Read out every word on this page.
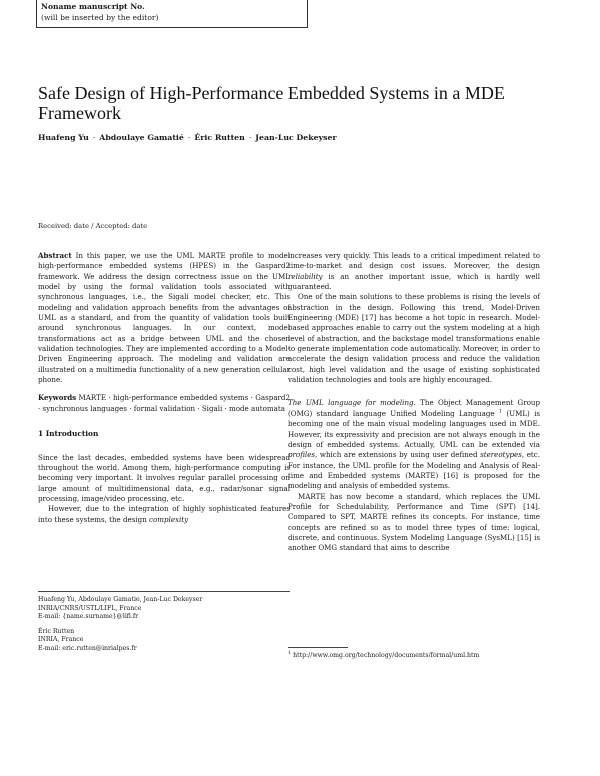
Noname manuscript No.
(will be inserted by the editor)
Safe Design of High-Performance Embedded Systems in a MDE Framework
Huafeng Yu · Abdoulaye Gamatié · Éric Rutten · Jean-Luc Dekeyser
Received: date / Accepted: date

Abstract In this paper, we use the UML MARTE profile to model high-performance embedded systems (HPES) in the Gaspard2 framework. We address the design correctness issue on the UML model by using the formal validation tools associated with synchronous languages, i.e., the Sigali model checker, etc. This modeling and validation approach benefits from the advantages of UML as a standard, and from the quantity of validation tools built around synchronous languages. In our context, model transformations act as a bridge between UML and the chosen validation technologies. They are implemented according to a Model-Driven Engineering approach. The modeling and validation are illustrated on a multimedia functionality of a new generation cellular phone.

Keywords MARTE · high-performance embedded systems · Gaspard2 · synchronous languages · formal validation · Sigali · mode automata

1 Introduction

Since the last decades, embedded systems have been widespread throughout the world. Among them, high-performance computing is becoming very important. It involves regular parallel processing on large amount of multidimensional data, e.g., radar/sonar signal processing, image/video processing, etc.

However, due to the integration of highly sophisticated features into these systems, the design complexity

Huafeng Yu, Abdoulaye Gamatie, Jean-Luc Dekeyser

INRIA/CNRS/USTL/LIFL, France

E-mail: {name.surname}@lifl.fr

Éric Rutten

INRIA, France

E-mail: eric.rutten@inrialpes.fr

increases very quickly. This leads to a critical impediment related to time-to-market and design cost issues. Moreover, the design reliability is an another important issue, which is hardly well guaranteed.

One of the main solutions to these problems is rising the levels of abstraction in the design. Following this trend, Model-Driven Engineering (MDE) [17] has become a hot topic in research. Model-based approaches enable to carry out the system modeling at a high level of abstraction, and the backstage model transformations enable to generate implementation code automatically. Moreover, in order to accelerate the design validation process and reduce the validation cost, high level validation and the usage of existing sophisticated validation technologies and tools are highly encouraged.

The UML language for modeling. The Object Management Group (OMG) standard language Unified Modeling Language $^1$ (UML) is becoming one of the main visual modeling languages used in MDE. However, its expressivity and precision are not always enough in the design of embedded systems. Actually, UML can be extended via profiles, which are extensions by using user defined stereotypes, etc. For instance, the UML profile for the Modeling and Analysis of Real-time and Embedded systems (MARTE) [16] is proposed for the modeling and analysis of embedded systems.

MARTE has now become a standard, which replaces the UML Profile for Schedulability, Performance and Time (SPT) [14]. Compared to SPT, MARTE refines its concepts. For instance, time concepts are refined so as to model three types of time: logical, discrete, and continuous. System Modeling Language (SysML) [15] is another OMG standard that aims to describe

$^1$ http://www.omg.org/technology/documents/formal/uml.htm
